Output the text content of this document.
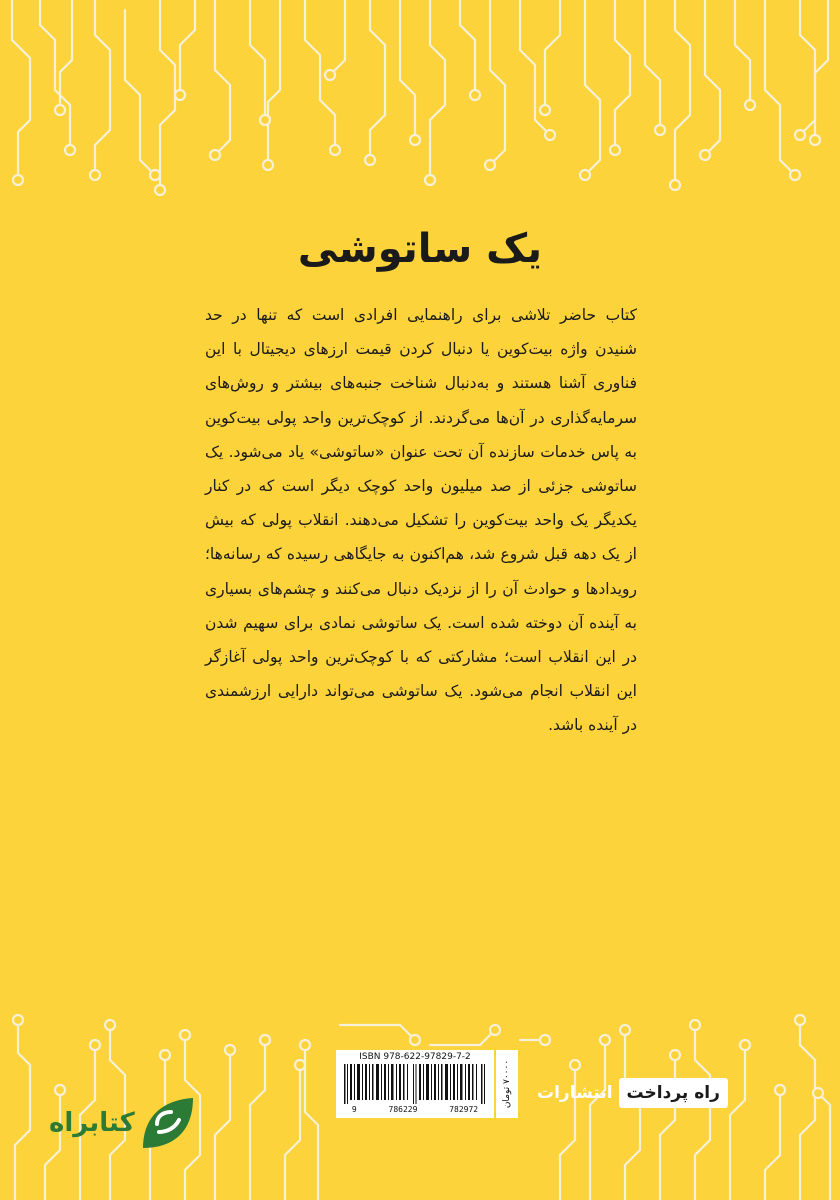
یک ساتوشی

کتاب حاضر تلاشی برای راهنمایی افرادی است که تنها در حد شنیدن واژه بیت‌کوین یا دنبال کردن قیمت ارزهای دیجیتال با این فناوری آشنا هستند و به‌دنبال شناخت جنبه‌های بیشتر و روش‌های سرمایه‌گذاری در آن‌ها می‌گردند. از کوچک‌ترین واحد پولی بیت‌کوین به پاس خدمات سازنده آن تحت عنوان «ساتوشی» یاد می‌شود. یک ساتوشی جزئی از صد میلیون واحد کوچک دیگر است که در کنار یکدیگر یک واحد بیت‌کوین را تشکیل می‌دهند. انقلاب پولی که بیش از یک دهه قبل شروع شد، هم‌اکنون به جایگاهی رسیده که رسانه‌ها؛ رویدادها و حوادث آن را از نزدیک دنبال می‌کنند و چشم‌های بسیاری به آینده آن دوخته شده است. یک ساتوشی نمادی برای سهیم شدن در این انقلاب است؛ مشارکتی که با کوچک‌ترین واحد پولی آغازگر این انقلاب انجام می‌شود. یک ساتوشی می‌تواند دارایی ارزشمندی در آینده باشد.

۷۰۰۰۰ تومان
ISBN 978-622-97829-7-2
9	786229	782972
راه پرداخت
انتشارات
کتابراه
